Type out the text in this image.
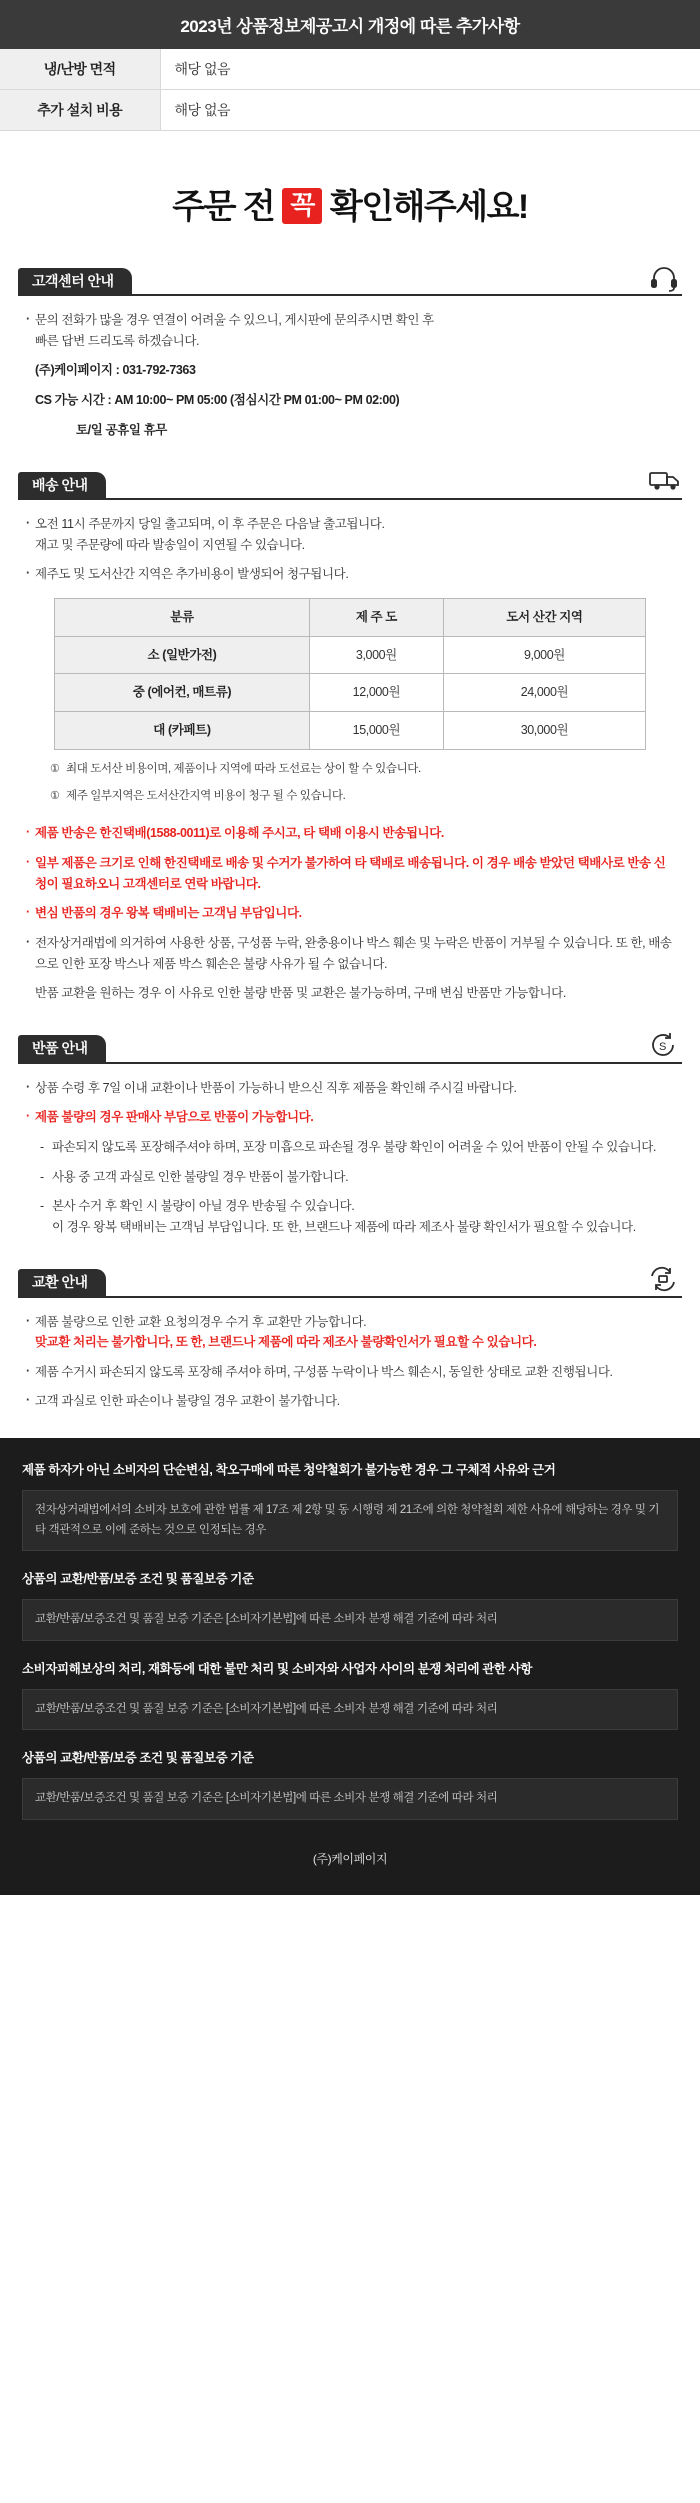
2023년 상품정보제공고시 개정에 따른 추가사항
냉/난방 면적	해당 없음
추가 설치 비용	해당 없음
주문 전 꼭 확인해주세요!
고객센터 안내
· 문의 전화가 많을 경우 연결이 어려울 수 있으니, 게시판에 문의주시면 확인 후
빠른 답변 드리도록 하겠습니다.
(주)케이페이지 : 031-792-7363
CS 가능 시간 : AM 10:00~ PM 05:00 (점심시간 PM 01:00~ PM 02:00)
토/일 공휴일 휴무
배송 안내
· 오전 11시 주문까지 당일 출고되며, 이 후 주문은 다음날 출고됩니다.
재고 및 주문량에 따라 발송일이 지연될 수 있습니다.
· 제주도 및 도서산간 지역은 추가비용이 발생되어 청구됩니다.
분류	제 주 도	도서 산간 지역
소 (일반가전)	3,000원	9,000원
중 (에어컨, 매트류)	12,000원	24,000원
대 (카페트)	15,000원	30,000원
① 최대 도서산 비용이며, 제품이나 지역에 따라 도선료는 상이 할 수 있습니다.
① 제주 일부지역은 도서산간지역 비용이 청구 될 수 있습니다.
· 제품 반송은 한진택배(1588-0011)로 이용해 주시고, 타 택배 이용시 반송됩니다.
· 일부 제품은 크기로 인해 한진택배로 배송 및 수거가 불가하여 타 택배로 배송됩니다. 이 경우 배송 받았던 택배사로 반송 신청이 필요하오니 고객센터로 연락 바랍니다.
· 변심 반품의 경우 왕복 택배비는 고객님 부담입니다.
· 전자상거래법에 의거하여 사용한 상품, 구성품 누락, 완충용이나 박스 훼손 및 누락은 반품이 거부될 수 있습니다. 또 한, 배송으로 인한 포장 박스나 제품 박스 훼손은 불량 사유가 될 수 없습니다.
반품 교환을 원하는 경우 이 사유로 인한 불량 반품 및 교환은 불가능하며, 구매 변심 반품만 가능합니다.
반품 안내	S
· 상품 수령 후 7일 이내 교환이나 반품이 가능하니 받으신 직후 제품을 확인해 주시길 바랍니다.
· 제품 불량의 경우 판매사 부담으로 반품이 가능합니다.
- 파손되지 않도록 포장해주셔야 하며, 포장 미흡으로 파손될 경우 불량 확인이 어려울 수 있어 반품이 안될 수 있습니다.
- 사용 중 고객 과실로 인한 불량일 경우 반품이 불가합니다.
- 본사 수거 후 확인 시 불량이 아닐 경우 반송될 수 있습니다.
이 경우 왕복 택배비는 고객님 부담입니다. 또 한, 브랜드나 제품에 따라 제조사 불량 확인서가 필요할 수 있습니다.
교환 안내
· 제품 불량으로 인한 교환 요청의경우 수거 후 교환만 가능합니다.
맞교환 처리는 불가합니다, 또 한, 브랜드나 제품에 따라 제조사 불량확인서가 필요할 수 있습니다.
· 제품 수거시 파손되지 않도록 포장해 주셔야 하며, 구성품 누락이나 박스 훼손시, 동일한 상태로 교환 진행됩니다.
· 고객 과실로 인한 파손이나 불량일 경우 교환이 불가합니다.
제품 하자가 아닌 소비자의 단순변심, 착오구매에 따른 청약철회가 불가능한 경우 그 구체적 사유와 근거
전자상거래법에서의 소비자 보호에 관한 법률 제 17조 제 2항 및 동 시행령 제 21조에 의한 청약철회 제한 사유에 해당하는 경우 및 기타 객관적으로 이에 준하는 것으로 인정되는 경우
상품의 교환/반품/보증 조건 및 품질보증 기준
교환/반품/보증조건 및 품질 보증 기준은 [소비자기본법]에 따른 소비자 분쟁 해결 기준에 따라 처리
소비자피해보상의 처리, 재화등에 대한 불만 처리 및 소비자와 사업자 사이의 분쟁 처리에 관한 사항
교환/반품/보증조건 및 품질 보증 기준은 [소비자기본법]에 따른 소비자 분쟁 해결 기준에 따라 처리
상품의 교환/반품/보증 조건 및 품질보증 기준
교환/반품/보증조건 및 품질 보증 기준은 [소비자기본법]에 따른 소비자 분쟁 해결 기준에 따라 처리
(주)케이페이지
